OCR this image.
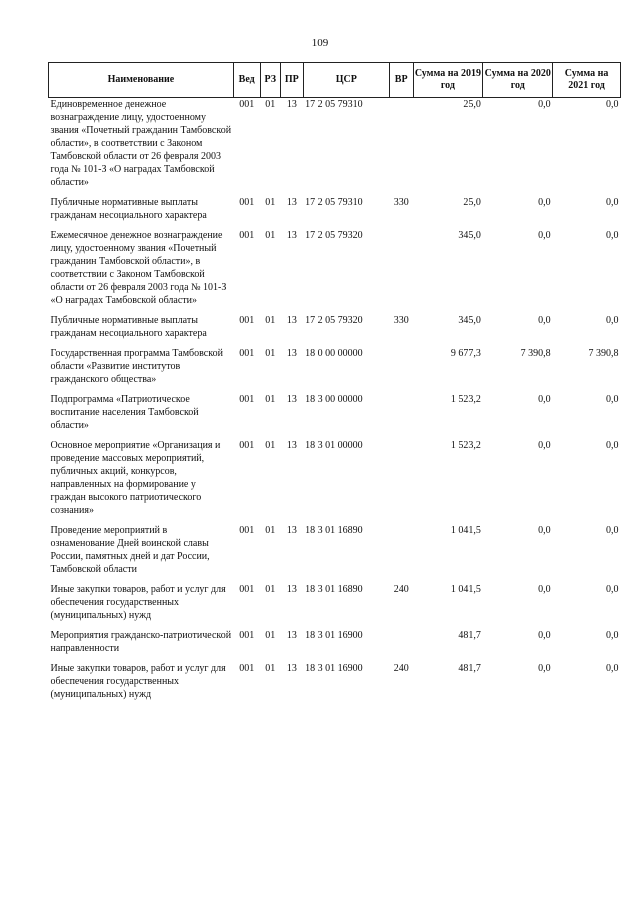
109
Наименование	Вед	РЗ	ПР	ЦСР	ВР	Сумма на 2019 год	Сумма на 2020 год	Сумма на 2021 год
Единовременное денежное вознаграждение лицу, удостоенному звания «Почетный гражданин Тамбовской области», в соответствии с Законом Тамбовской области от 26 февраля 2003 года № 101-З «О наградах Тамбовской области»	001	01	13	17 2 05 79310		25,0	0,0	0,0
Публичные нормативные выплаты гражданам несоциального характера	001	01	13	17 2 05 79310	330	25,0	0,0	0,0
Ежемесячное денежное вознаграждение лицу, удостоенному звания «Почетный гражданин Тамбовской области», в соответствии с Законом Тамбовской области от 26 февраля 2003 года № 101-З «О наградах Тамбовской области»	001	01	13	17 2 05 79320		345,0	0,0	0,0
Публичные нормативные выплаты гражданам несоциального характера	001	01	13	17 2 05 79320	330	345,0	0,0	0,0
Государственная программа Тамбовской области «Развитие институтов гражданского общества»	001	01	13	18 0 00 00000		9 677,3	7 390,8	7 390,8
Подпрограмма «Патриотическое воспитание населения Тамбовской области»	001	01	13	18 3 00 00000		1 523,2	0,0	0,0
Основное мероприятие «Организация и проведение массовых мероприятий, публичных акций, конкурсов, направленных на формирование у граждан высокого патриотического сознания»	001	01	13	18 3 01 00000		1 523,2	0,0	0,0
Проведение мероприятий в ознаменование Дней воинской славы России, памятных дней и дат России, Тамбовской области	001	01	13	18 3 01 16890		1 041,5	0,0	0,0
Иные закупки товаров, работ и услуг для обеспечения государственных (муниципальных) нужд	001	01	13	18 3 01 16890	240	1 041,5	0,0	0,0
Мероприятия гражданско-патриотической направленности	001	01	13	18 3 01 16900		481,7	0,0	0,0
Иные закупки товаров, работ и услуг для обеспечения государственных (муниципальных) нужд	001	01	13	18 3 01 16900	240	481,7	0,0	0,0
